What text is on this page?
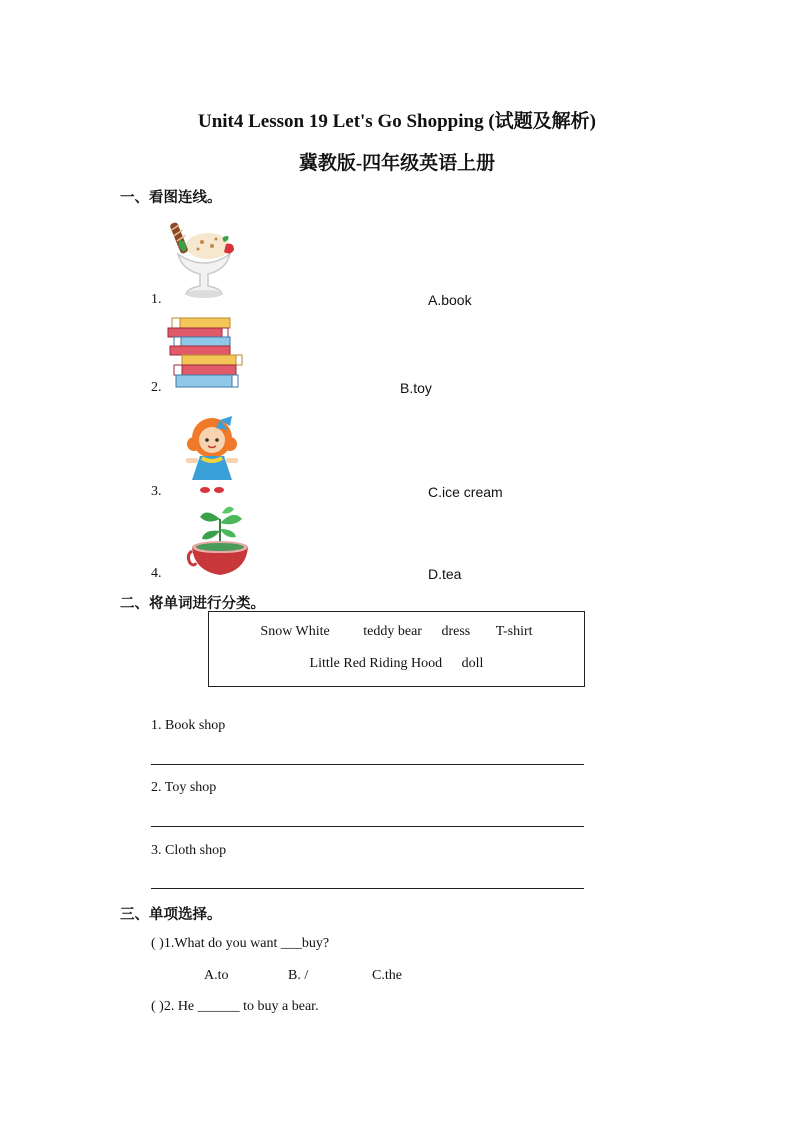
Unit4 Lesson 19 Let's Go Shopping (试题及解析)
冀教版-四年级英语上册
一、看图连线。
1.	A.book
2.	B.toy
3.	C.ice cream
4.	D.tea
二、将单词进行分类。
Snow White teddy bear dress T-shirt
Little Red Riding Hood doll
1. Book shop
2. Toy shop
3. Cloth shop
三、单项选择。
( )1.What do you want ___buy?
A.to	B. /	C.the
( )2. He ______ to buy a bear.
